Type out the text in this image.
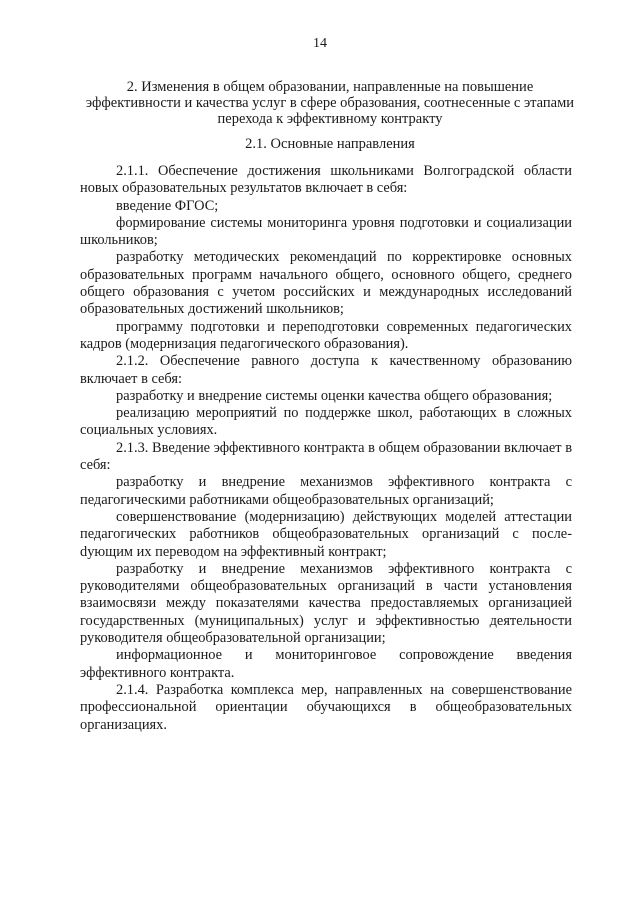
14
2. Изменения в общем образовании, направленные на повышение эффективности и качества услуг в сфере образования, соотнесенные с этапами перехода к эффективному контракту
2.1. Основные направления

2.1.1. Обеспечение достижения школьниками Волгоградской области новых образовательных результатов включает в себя:

введение ФГОС;

формирование системы мониторинга уровня подготовки и социализации школьников;

разработку методических рекомендаций по корректировке основных образовательных программ начального общего, основного общего, среднего общего образования с учетом российских и международных исследований образовательных достижений школьников;

программу подготовки и переподготовки современных педагогических кадров (модернизация педагогического образования).

2.1.2. Обеспечение равного доступа к качественному образованию включает в себя:

разработку и внедрение системы оценки качества общего образования;

реализацию мероприятий по поддержке школ, работающих в сложных социальных условиях.

2.1.3. Введение эффективного контракта в общем образовании включает в себя:

разработку и внедрение механизмов эффективного контракта с педагогическими работниками общеобразовательных организаций;

совершенствование (модернизацию) действующих моделей аттестации педагогических работников общеобразовательных организаций с послеdующим их переводом на эффективный контракт;

разработку и внедрение механизмов эффективного контракта с руководителями общеобразовательных организаций в части установления взаимосвязи между показателями качества предоставляемых организацией государственных (муниципальных) услуг и эффективностью деятельности руководителя общеобразовательной организации;

информационное и мониторинговое сопровождение введения эффективного контракта.

2.1.4. Разработка комплекса мер, направленных на совершенствование профессиональной ориентации обучающихся в общеобразовательных организациях.
